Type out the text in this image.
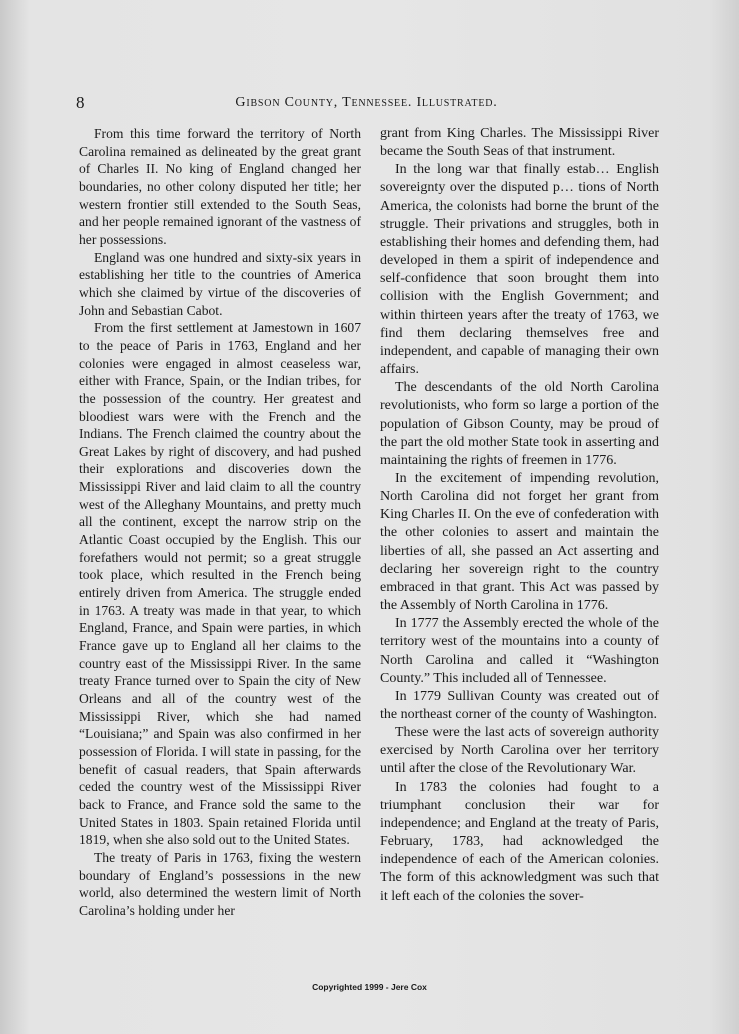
8	Gibson County, Tennessee. Illustrated.

From this time forward the territory of North Carolina remained as delineated by the great grant of Charles II. No king of England changed her boundaries, no other colony disputed her title; her western frontier still extended to the South Seas, and her people remained ignorant of the vastness of her possessions.

England was one hundred and sixty-six years in establishing her title to the countries of America which she claimed by virtue of the discoveries of John and Sebastian Cabot.

From the first settlement at Jamestown in 1607 to the peace of Paris in 1763, England and her colonies were engaged in almost ceaseless war, either with France, Spain, or the Indian tribes, for the possession of the country. Her greatest and bloodiest wars were with the French and the Indians. The French claimed the country about the Great Lakes by right of discovery, and had pushed their explorations and discoveries down the Mississippi River and laid claim to all the country west of the Alleghany Mountains, and pretty much all the continent, except the narrow strip on the Atlantic Coast occupied by the English. This our forefathers would not permit; so a great struggle took place, which resulted in the French being entirely driven from America. The struggle ended in 1763. A treaty was made in that year, to which England, France, and Spain were parties, in which France gave up to England all her claims to the country east of the Mississippi River. In the same treaty France turned over to Spain the city of New Orleans and all of the country west of the Mississippi River, which she had named “Louisiana;” and Spain was also confirmed in her possession of Florida. I will state in passing, for the benefit of casual readers, that Spain afterwards ceded the country west of the Mississippi River back to France, and France sold the same to the United States in 1803. Spain retained Florida until 1819, when she also sold out to the United States.

The treaty of Paris in 1763, fixing the western boundary of England’s possessions in the new world, also determined the western limit of North Carolina’s holding under her

grant from King Charles. The Mississippi River became the South Seas of that instrument.

In the long war that finally estab… English sovereignty over the disputed p… tions of North America, the colonists had borne the brunt of the struggle. Their privations and struggles, both in establishing their homes and defending them, had developed in them a spirit of independence and self-confidence that soon brought them into collision with the English Government; and within thirteen years after the treaty of 1763, we find them declaring themselves free and independent, and capable of managing their own affairs.

The descendants of the old North Carolina revolutionists, who form so large a portion of the population of Gibson County, may be proud of the part the old mother State took in asserting and maintaining the rights of freemen in 1776.

In the excitement of impending revolution, North Carolina did not forget her grant from King Charles II. On the eve of confederation with the other colonies to assert and maintain the liberties of all, she passed an Act asserting and declaring her sovereign right to the country embraced in that grant. This Act was passed by the Assembly of North Carolina in 1776.

In 1777 the Assembly erected the whole of the territory west of the mountains into a county of North Carolina and called it “Washington County.” This included all of Tennessee.

In 1779 Sullivan County was created out of the northeast corner of the county of Washington.

These were the last acts of sovereign authority exercised by North Carolina over her territory until after the close of the Revolutionary War.

In 1783 the colonies had fought to a triumphant conclusion their war for independence; and England at the treaty of Paris, February, 1783, had acknowledged the independence of each of the American colonies. The form of this acknowledgment was such that it left each of the colonies the sover-

Copyrighted 1999 - Jere Cox
